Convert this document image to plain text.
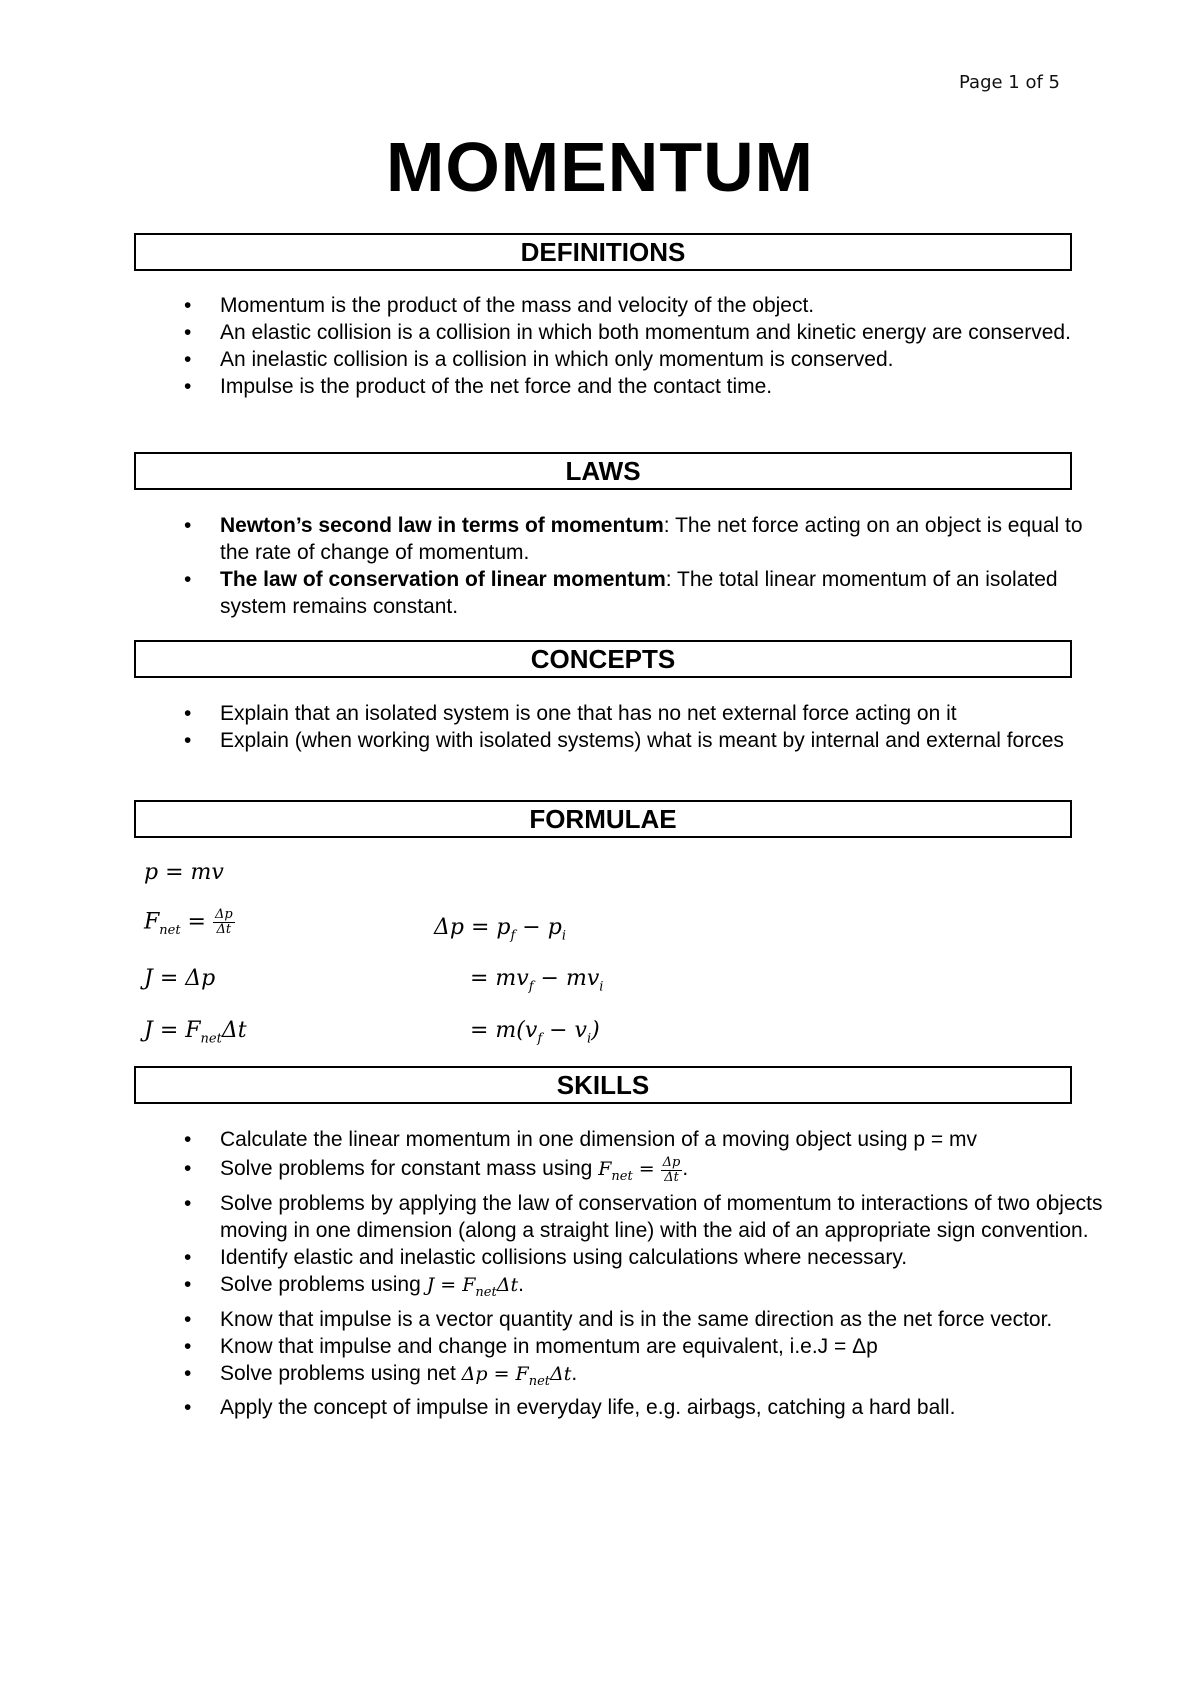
Page 1 of 5
MOMENTUM
DEFINITIONS
• Momentum is the product of the mass and velocity of the object.
• An elastic collision is a collision in which both momentum and kinetic energy are conserved.
• An inelastic collision is a collision in which only momentum is conserved.
• Impulse is the product of the net force and the contact time.
LAWS
• Newton’s second law in terms of momentum: The net force acting on an object is equal to the rate of change of momentum.
• The law of conservation of linear momentum: The total linear momentum of an isolated system remains constant.
CONCEPTS
• Explain that an isolated system is one that has no net external force acting on it
• Explain (when working with isolated systems) what is meant by internal and external forces
FORMULAE
p = mv
$F_{net} = \frac{\Delta p}{\Delta t}$
J = Δp
$J = F_{net}\Delta t$
$\Delta p = p_f - p_i$
= $mv_f - mv_i$
= $m(v_f - v_i)$
SKILLS
• Calculate the linear momentum in one dimension of a moving object using p = mv
• Solve problems for constant mass using $F_{net} = \frac{\Delta p}{\Delta t}$ .
• Solve problems by applying the law of conservation of momentum to interactions of two objects moving in one dimension (along a straight line) with the aid of an appropriate sign convention.
• Identify elastic and inelastic collisions using calculations where necessary.
• Solve problems using $J = F_{net}\Delta t$.
• Know that impulse is a vector quantity and is in the same direction as the net force vector.
• Know that impulse and change in momentum are equivalent, i.e.J = Δp
• Solve problems using net $\Delta p = F_{net}\Delta t$.
• Apply the concept of impulse in everyday life, e.g. airbags, catching a hard ball.
